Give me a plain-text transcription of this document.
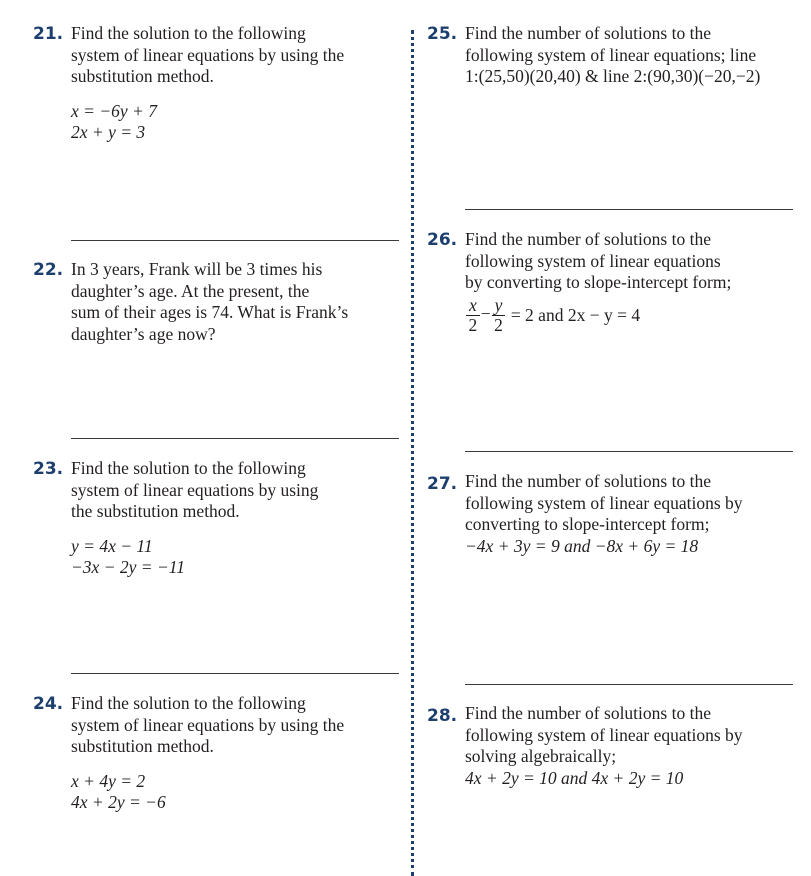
21. Find the solution to the following
system of linear equations by using the
substitution method.
x = −6y + 7
2x + y = 3
22. In 3 years, Frank will be 3 times his
daughter’s age. At the present, the
sum of their ages is 74. What is Frank’s
daughter’s age now?
23. Find the solution to the following
system of linear equations by using
the substitution method.
y = 4x − 11
−3x − 2y = −11
24. Find the solution to the following
system of linear equations by using the
substitution method.
x + 4y = 2
4x + 2y = −6
25. Find the number of solutions to the
following system of linear equations; line
1:(25,50)(20,40) & line 2:(90,30)(−20,−2)
26. Find the number of solutions to the
following system of linear equations
by converting to slope-intercept form;
$\frac{x}{2} - \frac{y}{2} = 2$ and 2x − y = 4
27. Find the number of solutions to the
following system of linear equations by
converting to slope-intercept form;
−4x + 3y = 9 and −8x + 6y = 18
28. Find the number of solutions to the
following system of linear equations by
solving algebraically;
4x + 2y = 10 and 4x + 2y = 10
